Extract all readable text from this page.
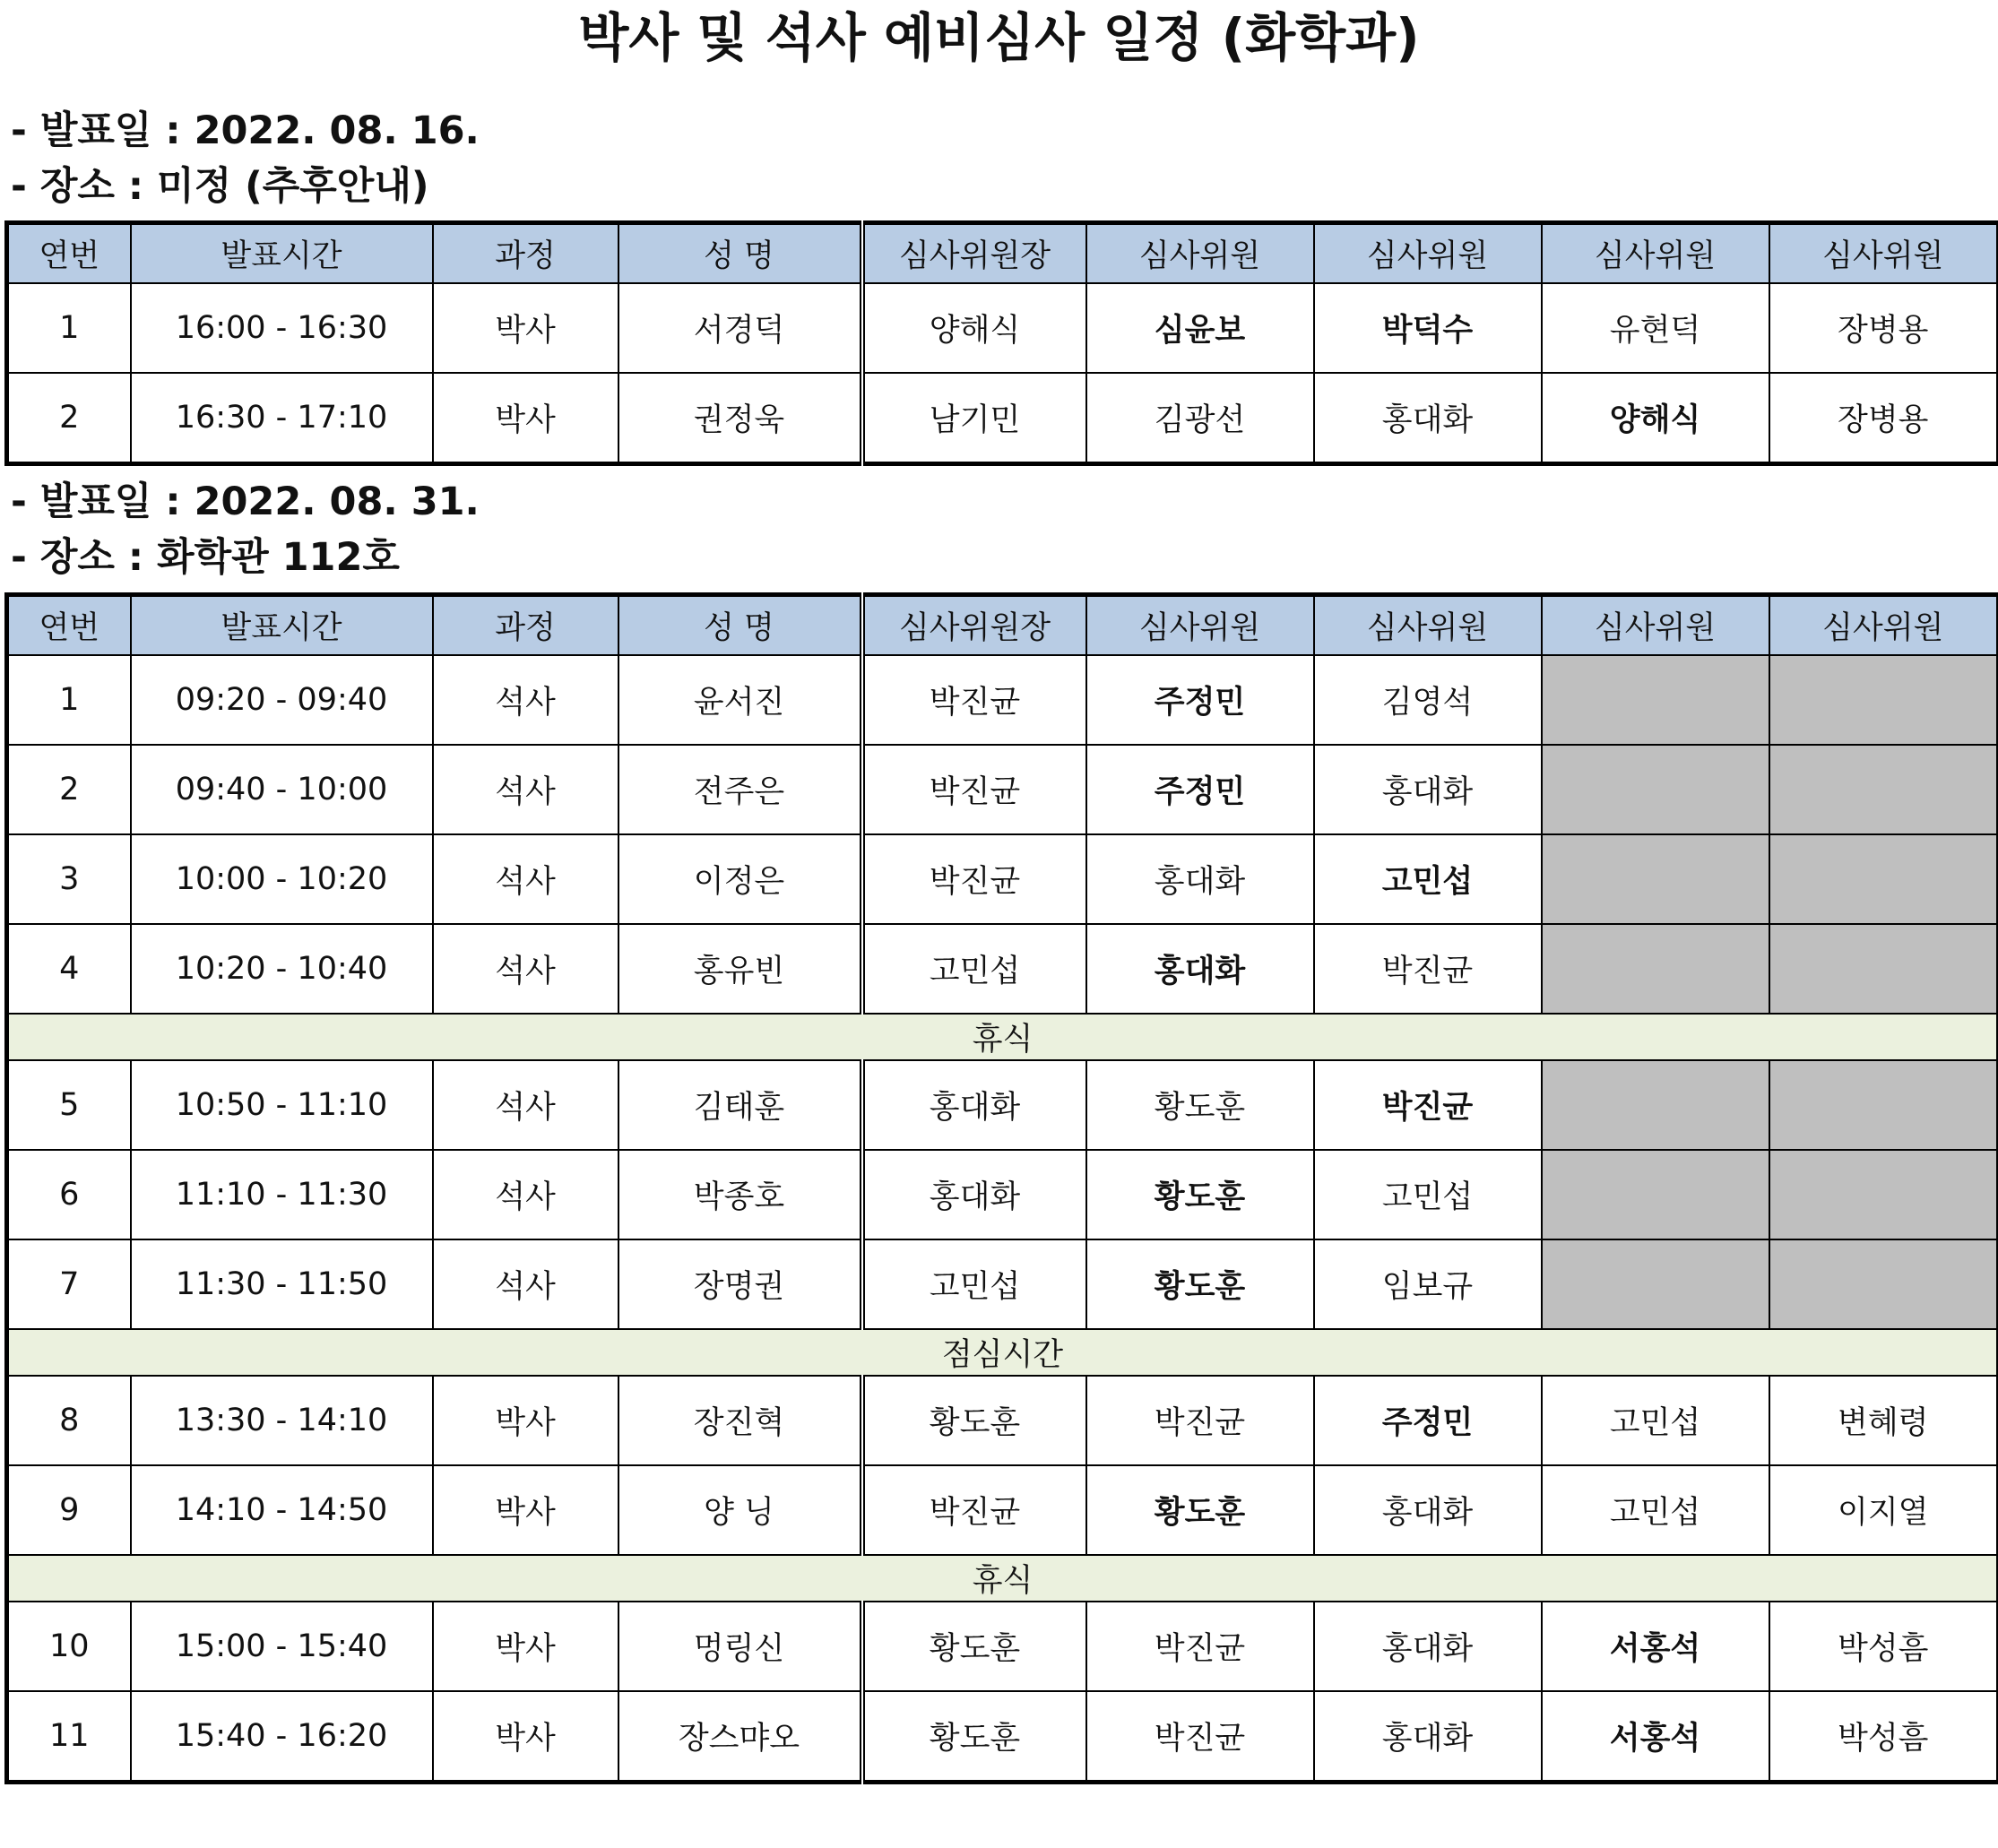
박사 및 석사 예비심사 일정 (화학과)
- 발표일 : 2022. 08. 16.
- 장소 : 미정 (추후안내)
연번	발표시간	과정	성 명	심사위원장	심사위원	심사위원	심사위원	심사위원
1	16:00 - 16:30	박사	서경덕	양해식	심윤보	박덕수	유현덕	장병용
2	16:30 - 17:10	박사	권정욱	남기민	김광선	홍대화	양해식	장병용
- 발표일 : 2022. 08. 31.
- 장소 : 화학관 112호
연번	발표시간	과정	성 명	심사위원장	심사위원	심사위원	심사위원	심사위원
1	09:20 - 09:40	석사	윤서진	박진균	주정민	김영석		
2	09:40 - 10:00	석사	전주은	박진균	주정민	홍대화		
3	10:00 - 10:20	석사	이정은	박진균	홍대화	고민섭		
4	10:20 - 10:40	석사	홍유빈	고민섭	홍대화	박진균		
휴식								
5	10:50 - 11:10	석사	김태훈	홍대화	황도훈	박진균		
6	11:10 - 11:30	석사	박종호	홍대화	황도훈	고민섭		
7	11:30 - 11:50	석사	장명권	고민섭	황도훈	임보규		
점심시간								
8	13:30 - 14:10	박사	장진혁	황도훈	박진균	주정민	고민섭	변혜령
9	14:10 - 14:50	박사	양 닝	박진균	황도훈	홍대화	고민섭	이지열
휴식								
10	15:00 - 15:40	박사	멍링신	황도훈	박진균	홍대화	서홍석	박성흠
11	15:40 - 16:20	박사	장스먀오	황도훈	박진균	홍대화	서홍석	박성흠
